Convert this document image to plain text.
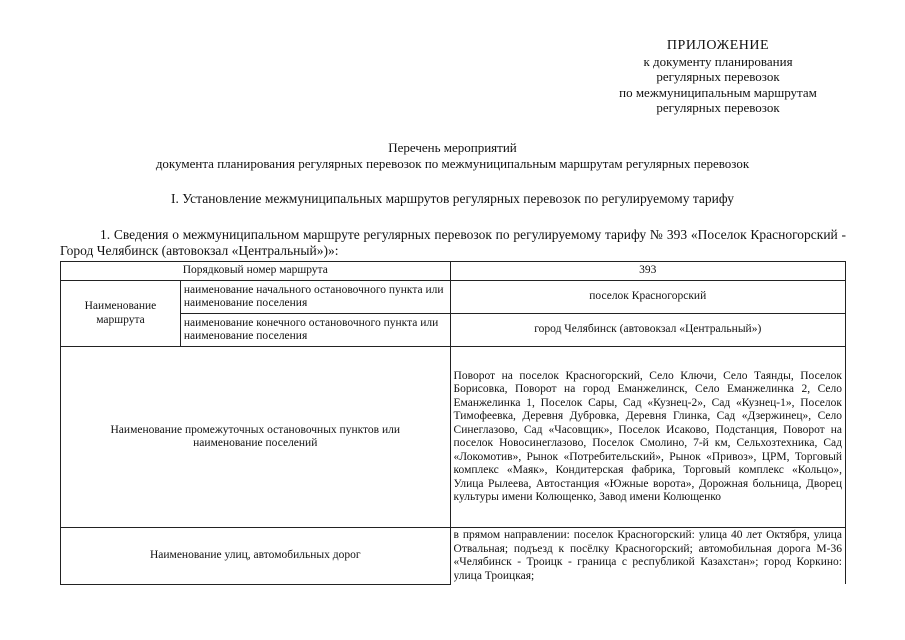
ПРИЛОЖЕНИЕ
к документу планирования
регулярных перевозок
по межмуниципальным маршрутам
регулярных перевозок
Перечень мероприятий
документа планирования регулярных перевозок по межмуниципальным маршрутам регулярных перевозок
I. Установление межмуниципальных маршрутов регулярных перевозок по регулируемому тарифу
1. Сведения о межмуниципальном маршруте регулярных перевозок по регулируемому тарифу № 393 «Поселок Красногорский - Город Челябинск (автовокзал «Центральный»)»:
Порядковый номер маршрута		393
Наименование маршрута	наименование начального остановочного пункта или наименование поселения	поселок Красногорский
	наименование конечного остановочного пункта или наименование поселения	город Челябинск (автовокзал «Центральный»)
Наименование промежуточных остановочных пунктов или наименование поселений		Поворот на поселок Красногорский, Село Ключи, Село Таянды, Поселок Борисовка, Поворот на город Еманжелинск, Село Еманжелинка 2, Село Еманжелинка 1, Поселок Сары, Сад «Кузнец-2», Сад «Кузнец-1», Поселок Тимофеевка, Деревня Дубровка, Деревня Глинка, Сад «Дзержинец», Село Синеглазово, Сад «Часовщик», Поселок Исаково, Подстанция, Поворот на поселок Новосинеглазово, Поселок Смолино, 7-й км, Сельхозтехника, Сад «Локомотив», Рынок «Потребительский», Рынок «Привоз», ЦРМ, Торговый комплекс «Маяк», Кондитерская фабрика, Торговый комплекс «Кольцо», Улица Рылеева, Автостанция «Южные ворота», Дорожная больница, Дворец культуры имени Колющенко, Завод имени Колющенко
Наименование улиц, автомобильных дорог		в прямом направлении: поселок Красногорский: улица 40 лет Октября, улица Отвальная; подъезд к посёлку Красногорский; автомобильная дорога М-36 «Челябинск - Троицк - граница с республикой Казахстан»; город Коркино: улица Троицкая;
